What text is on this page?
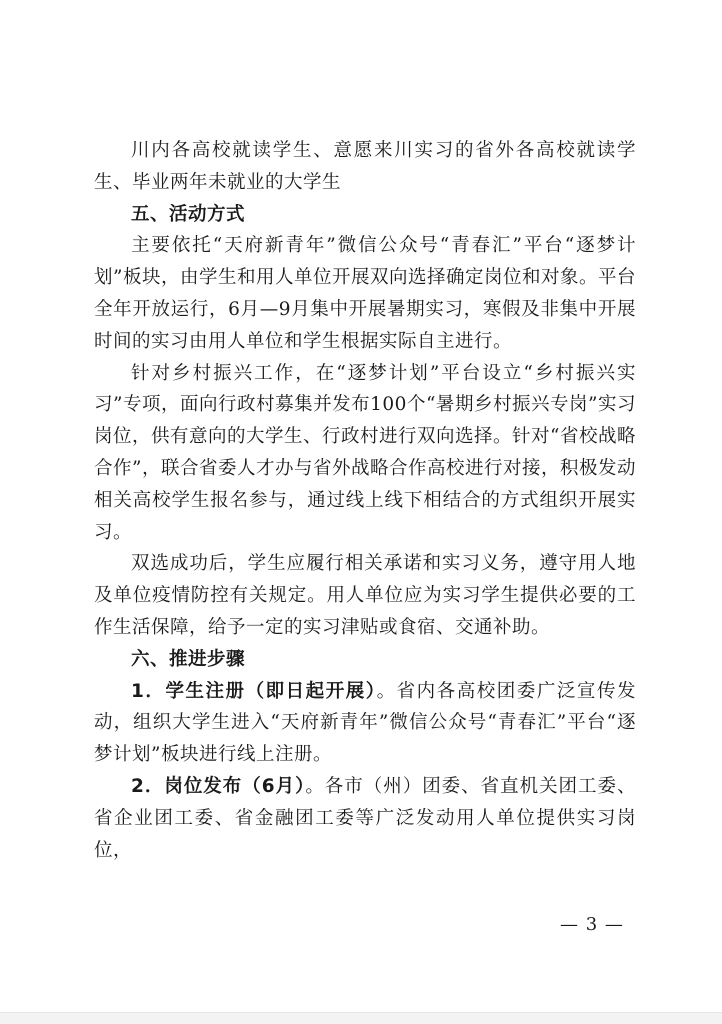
川内各高校就读学生、意愿来川实习的省外各高校就读学生、毕业两年未就业的大学生

五、活动方式

主要依托“天府新青年”微信公众号“青春汇”平台“逐梦计划”板块，由学生和用人单位开展双向选择确定岗位和对象。平台全年开放运行，6月—9月集中开展暑期实习，寒假及非集中开展时间的实习由用人单位和学生根据实际自主进行。

针对乡村振兴工作，在“逐梦计划”平台设立“乡村振兴实习”专项，面向行政村募集并发布100个“暑期乡村振兴专岗”实习岗位，供有意向的大学生、行政村进行双向选择。针对“省校战略合作”，联合省委人才办与省外战略合作高校进行对接，积极发动相关高校学生报名参与，通过线上线下相结合的方式组织开展实习。

双选成功后，学生应履行相关承诺和实习义务，遵守用人地及单位疫情防控有关规定。用人单位应为实习学生提供必要的工作生活保障，给予一定的实习津贴或食宿、交通补助。

六、推进步骤

1．学生注册（即日起开展）。省内各高校团委广泛宣传发动，组织大学生进入“天府新青年”微信公众号“青春汇”平台“逐梦计划”板块进行线上注册。

2．岗位发布（6月）。各市（州）团委、省直机关团工委、省企业团工委、省金融团工委等广泛发动用人单位提供实习岗位，

— 3 —
